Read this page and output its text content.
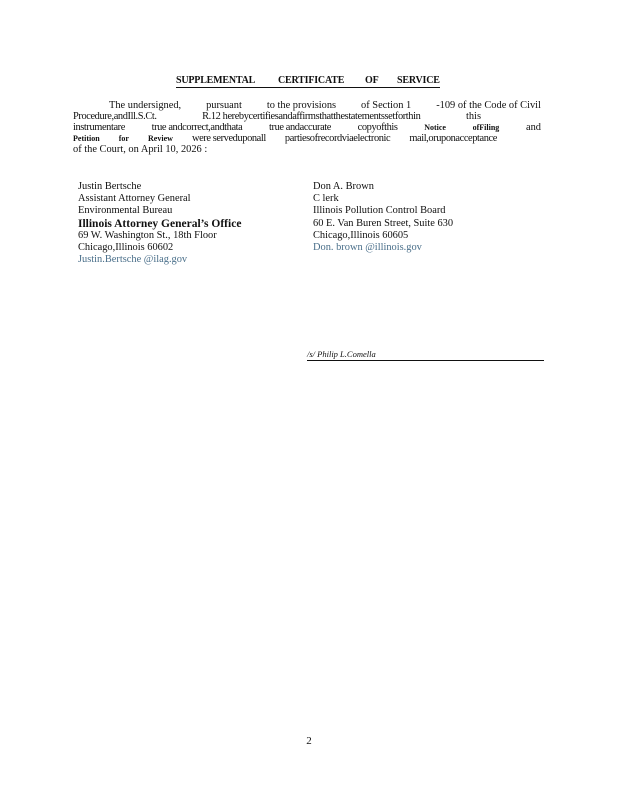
SUPPLEMENTAL CERTIFICATE OF SERVICE
The undersigned, pursuant to the provisions of Section 1 -109 of the Code of Civil
Procedure,andIll.S.Ct.	R.12 herebycertifiesandaffirmsthatthestatementssetforthin	this
instrumentare	true andcorrect,andthata	true andaccurate	copyofthis	Notice	ofFiling	and
Petition for Review were serveduponall partiesofrecordviaelectronic mail,oruponacceptance
of the Court, on April 10, 2026 :
Justin Bertsche
Assistant Attorney General
Environmental Bureau
Illinois Attorney General’s Office
69 W. Washington St., 18th Floor
Chicago,Illinois 60602
Justin.Bertsche @ilag.gov
Don A. Brown
C lerk
Illinois Pollution Control Board
60 E. Van Buren Street, Suite 630
Chicago,Illinois 60605
Don. brown @illinois.gov
/s/ Philip L.Comella
2
